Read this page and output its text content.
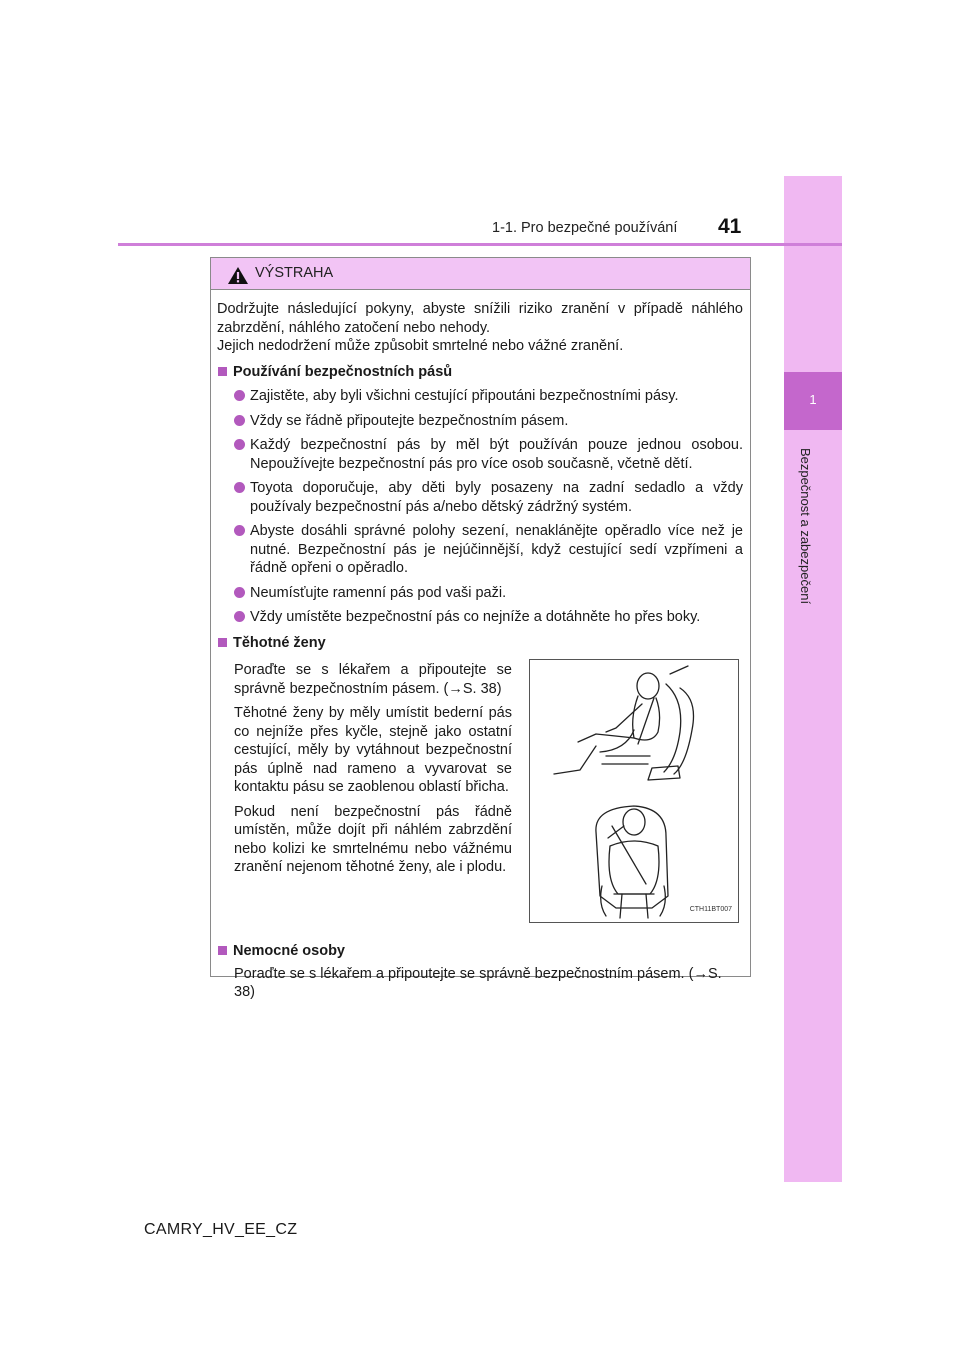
1
Bezpečnost a zabezpečení
1-1. Pro bezpečné používání 41
VÝSTRAHA

Dodržujte následující pokyny, abyste snížili riziko zranění v případě náhlého zabrzdění, náhlého zatočení nebo nehody.

Jejich nedodržení může způsobit smrtelné nebo vážné zranění.

Používání bezpečnostních pásů
Zajistěte, aby byli všichni cestující připoutáni bezpečnostními pásy.
Vždy se řádně připoutejte bezpečnostním pásem.
Každý bezpečnostní pás by měl být používán pouze jednou osobou. Nepoužívejte bezpečnostní pás pro více osob současně, včetně dětí.
Toyota doporučuje, aby děti byly posazeny na zadní sedadlo a vždy používaly bezpečnostní pás a/nebo dětský zádržný systém.
Abyste dosáhli správné polohy sezení, nenaklánějte opěradlo více než je nutné. Bezpečnostní pás je nejúčinnější, když cestující sedí vzpřímeni a řádně opřeni o opěradlo.
Neumísťujte ramenní pás pod vaši paži.
Vždy umístěte bezpečnostní pás co nejníže a dotáhněte ho přes boky.
Těhotné ženy

Poraďte se s lékařem a připoutejte se správně bezpečnostním pásem. (→S. 38)

Těhotné ženy by měly umístit bederní pás co nejníže přes kyčle, stejně jako ostatní cestující, měly by vytáhnout bezpečnostní pás úplně nad rameno a vyvarovat se kontaktu pásu se zaoblenou oblastí břicha.

Pokud není bezpečnostní pás řádně umístěn, může dojít při náhlém zabrzdění nebo kolizi ke smrtelnému nebo vážnému zranění nejenom těhotné ženy, ale i plodu.

CTH11BT007
Nemocné osoby

Poraďte se s lékařem a připoutejte se správně bezpečnostním pásem. (→S. 38)

CAMRY_HV_EE_CZ
